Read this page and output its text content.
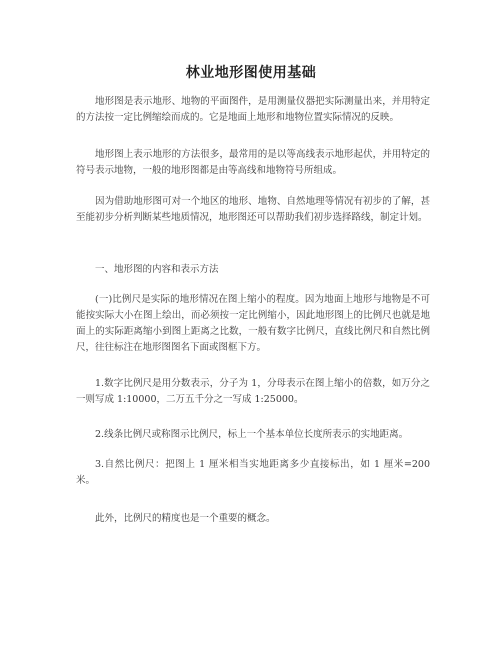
林业地形图使用基础

地形图是表示地形、地物的平面图件，是用测量仪器把实际测量出来，并用特定的方法按一定比例缩绘而成的。它是地面上地形和地物位置实际情况的反映。

地形图上表示地形的方法很多，最常用的是以等高线表示地形起伏，并用特定的符号表示地物，一般的地形图都是由等高线和地物符号所组成。

因为借助地形图可对一个地区的地形、地物、自然地理等情况有初步的了解，甚至能初步分析判断某些地质情况，地形图还可以帮助我们初步选择路线，制定计划。

一、地形图的内容和表示方法

(一)比例尺是实际的地形情况在图上缩小的程度。因为地面上地形与地物是不可能按实际大小在图上绘出，而必须按一定比例缩小，因此地形图上的比例尺也就是地面上的实际距离缩小到图上距离之比数，一般有数字比例尺，直线比例尺和自然比例尺，往往标注在地形图图名下面或图框下方。

1.数字比例尺是用分数表示，分子为 1，分母表示在图上缩小的倍数，如万分之一则写成 1:10000，二万五千分之一写成 1:25000。

2.线条比例尺或称图示比例尺，标上一个基本单位长度所表示的实地距离。

3.自然比例尺：把图上 1 厘米相当实地距离多少直接标出，如 1 厘米=200 米。

此外，比例尺的精度也是一个重要的概念。
